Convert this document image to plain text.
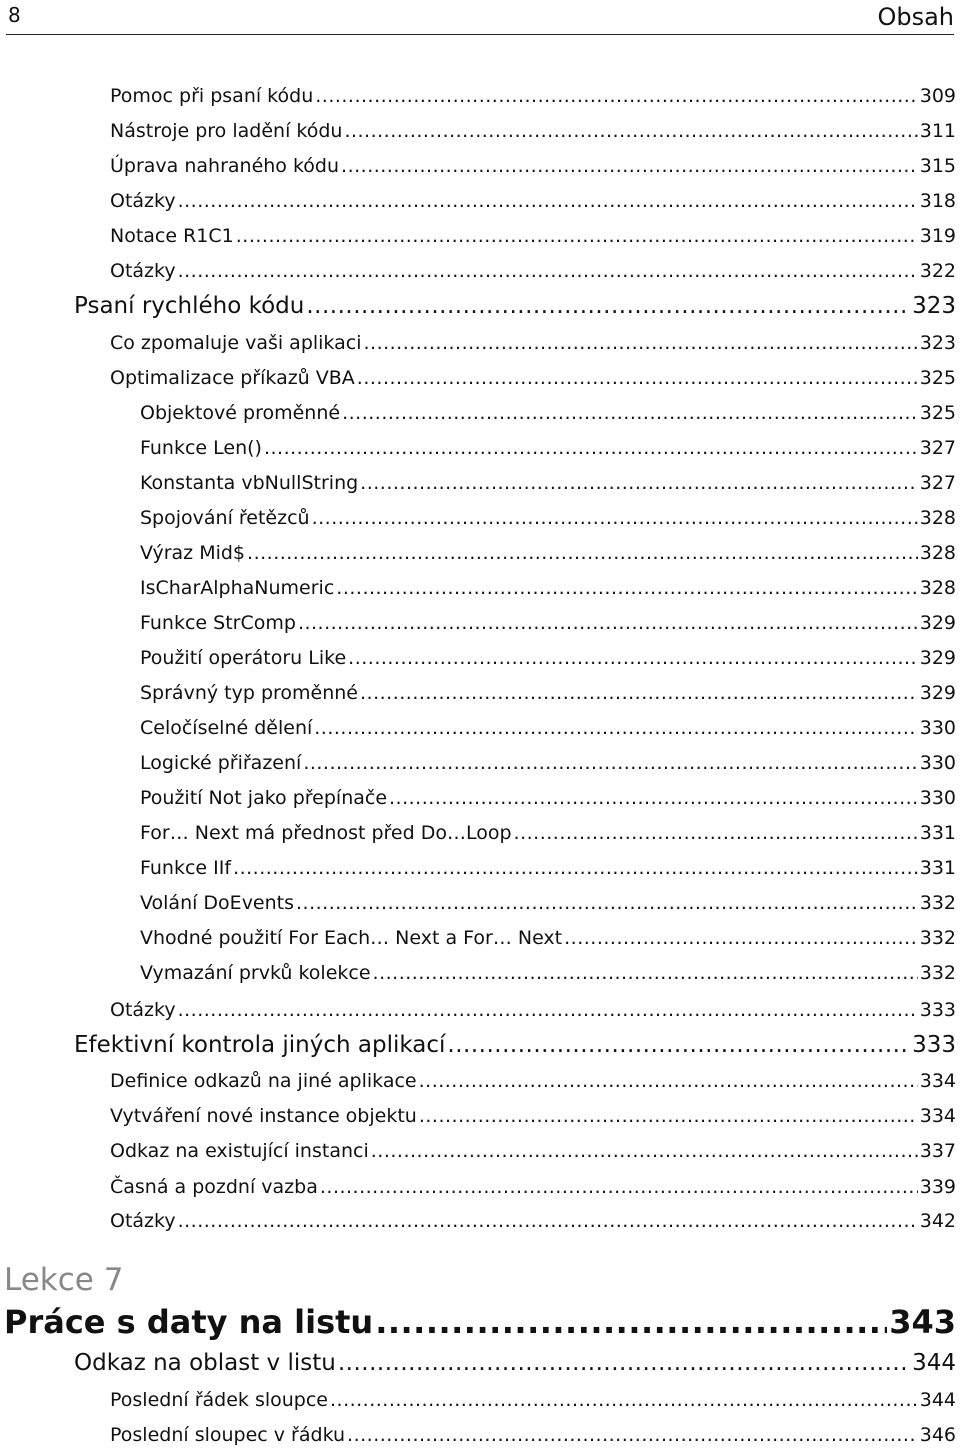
8	Obsah
Lekce 7
Pomoc při psaní kódu .....	309
Nástroje pro ladění kódu .....	311
Úprava nahraného kódu .....	315
Otázky .....	318
Notace R1C1 .....	319
Otázky .....	322
Psaní rychlého kódu .....	323
Co zpomaluje vaši aplikaci .....	323
Optimalizace příkazů VBA .....	325
Objektové proměnné .....	325
Funkce Len() .....	327
Konstanta vbNullString .....	327
Spojování řetězců .....	328
Výraz Mid$ .....	328
IsCharAlphaNumeric .....	328
Funkce StrComp .....	329
Použití operátoru Like .....	329
Správný typ proměnné .....	329
Celočíselné dělení .....	330
Logické přiřazení .....	330
Použití Not jako přepínače .....	330
For… Next má přednost před Do…Loop .....	331
Funkce IIf .....	331
Volání DoEvents .....	332
Vhodné použití For Each… Next a For… Next .....	332
Vymazání prvků kolekce .....	332
Otázky .....	333
Efektivní kontrola jiných aplikací .....	333
Definice odkazů na jiné aplikace .....	334
Vytváření nové instance objektu .....	334
Odkaz na existující instanci .....	337
Časná a pozdní vazba .....	339
Otázky .....	342
Práce s daty na listu .....	343
Odkaz na oblast v listu .....	344
Poslední řádek sloupce .....	344
Poslední sloupec v řádku .....	346
